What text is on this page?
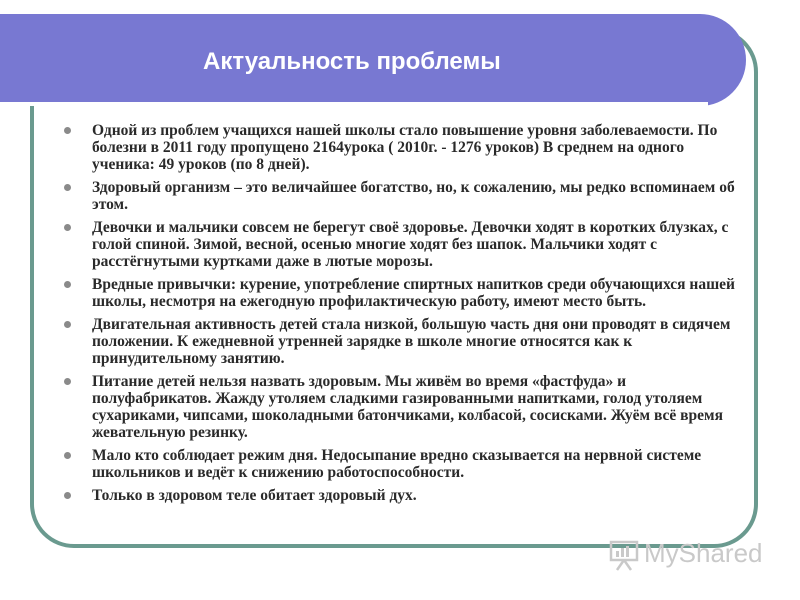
Актуальность проблемы
Одной из проблем учащихся нашей школы стало повышение уровня заболеваемости. По болезни в 2011 году пропущено 2164урока ( 2010г. - 1276 уроков) В среднем на одного ученика: 49 уроков (по 8 дней).
Здоровый организм – это величайшее богатство, но, к сожалению, мы редко вспоминаем об этом.
Девочки и мальчики совсем не берегут своё здоровье. Девочки ходят в коротких блузках, с голой спиной. Зимой, весной, осенью многие ходят без шапок. Мальчики ходят с расстёгнутыми куртками даже в лютые морозы.
Вредные привычки: курение, употребление спиртных напитков среди обучающихся нашей школы, несмотря на ежегодную профилактическую работу, имеют место быть.
Двигательная активность детей стала низкой, большую часть дня они проводят в сидячем положении. К ежедневной утренней зарядке в школе многие относятся как к принудительному занятию.
Питание детей нельзя назвать здоровым. Мы живём во время «фастфуда» и полуфабрикатов. Жажду утоляем сладкими газированными напитками, голод утоляем сухариками, чипсами, шоколадными батончиками, колбасой, сосисками. Жуём всё время жевательную резинку.
Мало кто соблюдает режим дня. Недосыпание вредно сказывается на нервной системе школьников и ведёт к снижению работоспособности.
Только в здоровом теле обитает здоровый дух.
MyShared
